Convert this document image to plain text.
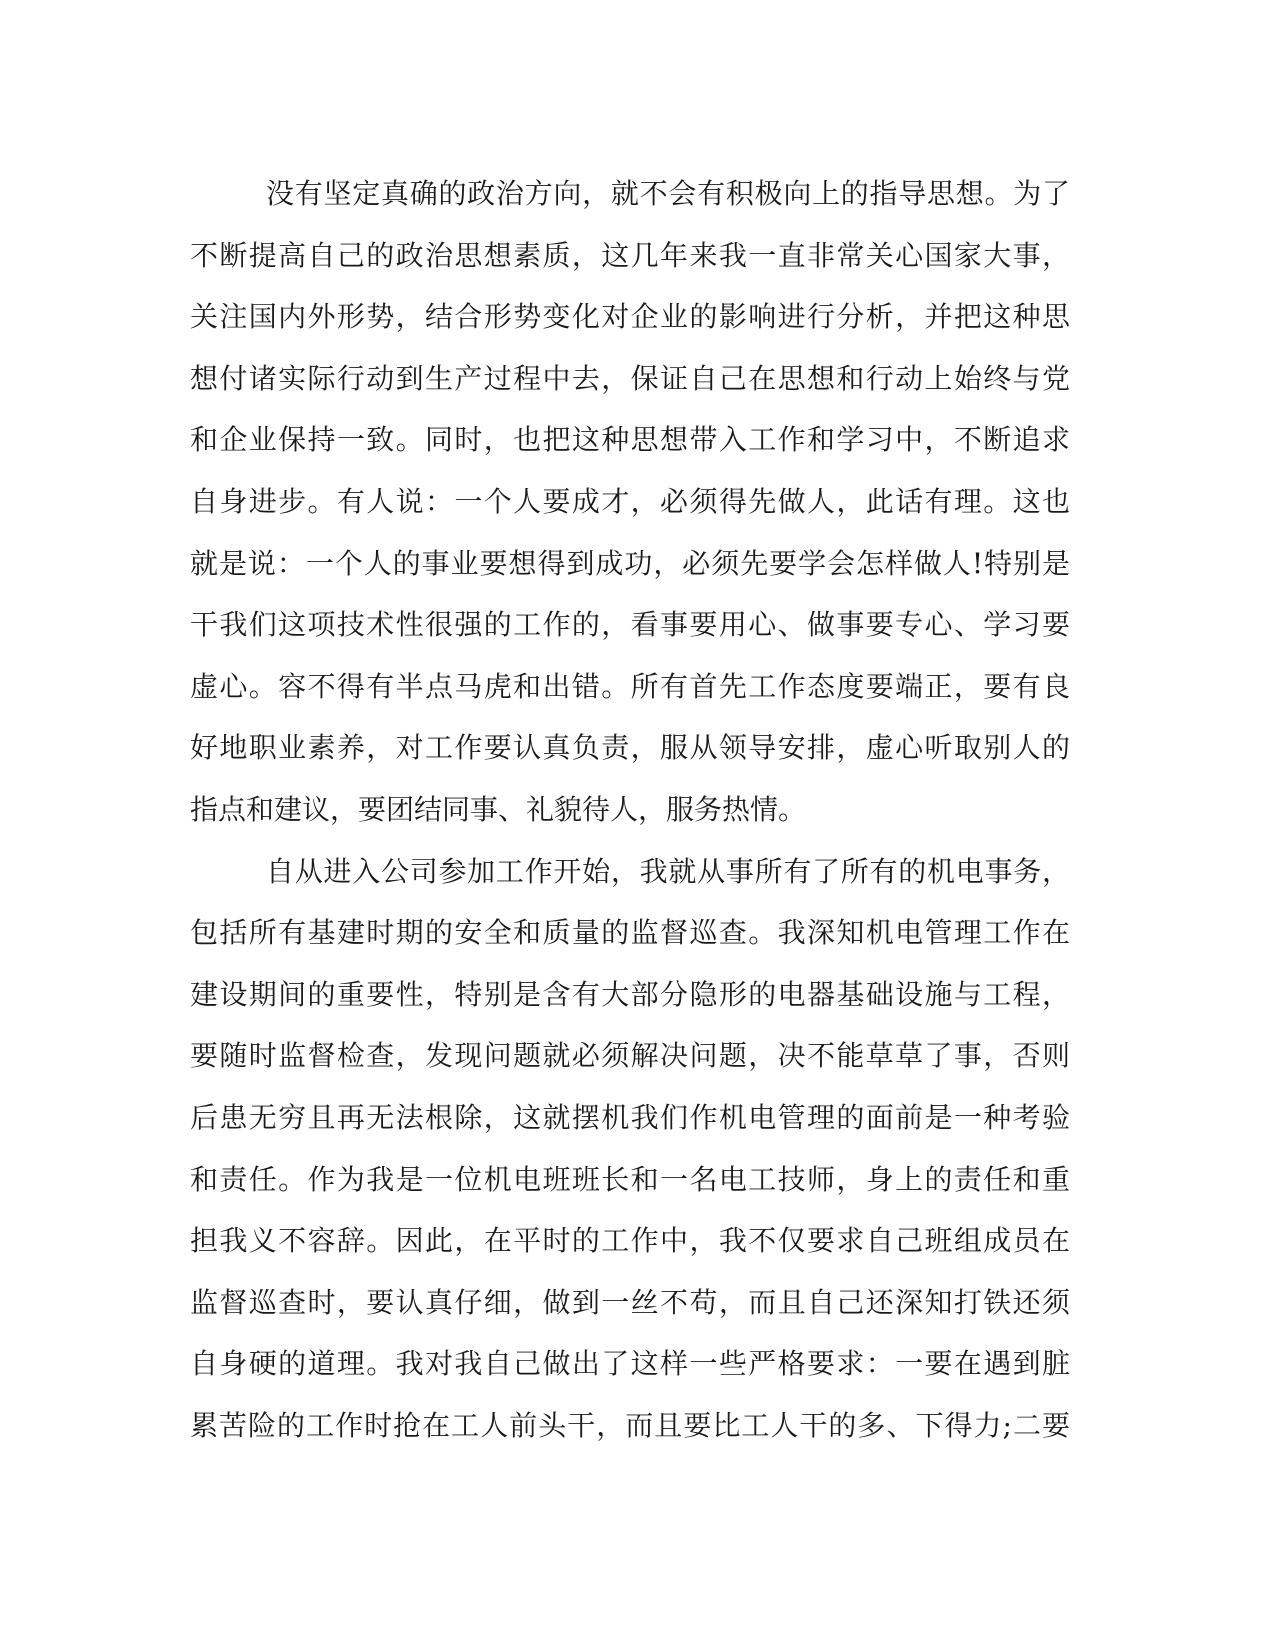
没有坚定真确的政治方向，就不会有积极向上的指导思想。为了
不断提高自己的政治思想素质，这几年来我一直非常关心国家大事，
关注国内外形势，结合形势变化对企业的影响进行分析，并把这种思
想付诸实际行动到生产过程中去，保证自己在思想和行动上始终与党
和企业保持一致。同时，也把这种思想带入工作和学习中，不断追求
自身进步。有人说：一个人要成才，必须得先做人，此话有理。这也
就是说：一个人的事业要想得到成功，必须先要学会怎样做人!特别是
干我们这项技术性很强的工作的，看事要用心、做事要专心、学习要
虚心。容不得有半点马虎和出错。所有首先工作态度要端正，要有良
好地职业素养，对工作要认真负责，服从领导安排，虚心听取别人的
指点和建议，要团结同事、礼貌待人，服务热情。
自从进入公司参加工作开始，我就从事所有了所有的机电事务，
包括所有基建时期的安全和质量的监督巡查。我深知机电管理工作在
建设期间的重要性，特别是含有大部分隐形的电器基础设施与工程，
要随时监督检查，发现问题就必须解决问题，决不能草草了事，否则
后患无穷且再无法根除，这就摆机我们作机电管理的面前是一种考验
和责任。作为我是一位机电班班长和一名电工技师，身上的责任和重
担我义不容辞。因此，在平时的工作中，我不仅要求自己班组成员在
监督巡查时，要认真仔细，做到一丝不苟，而且自己还深知打铁还须
自身硬的道理。我对我自己做出了这样一些严格要求：一要在遇到脏
累苦险的工作时抢在工人前头干，而且要比工人干的多、下得力;二要
